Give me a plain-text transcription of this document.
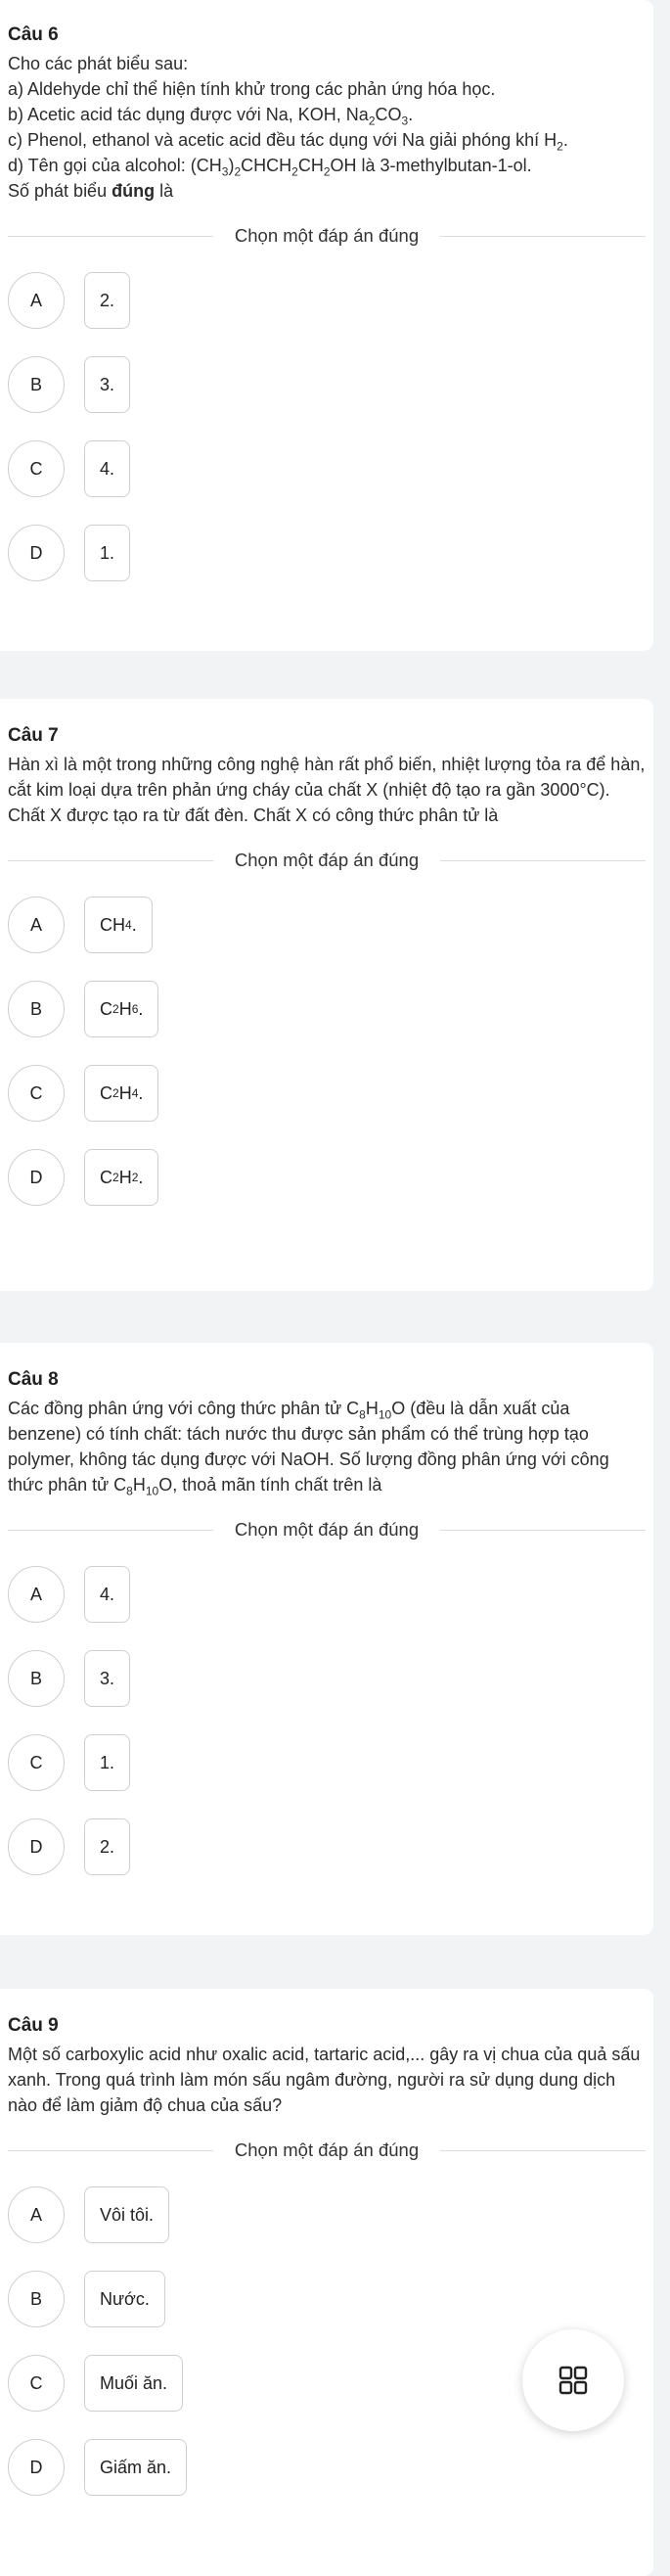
Câu 6
Cho các phát biểu sau:
a) Aldehyde chỉ thể hiện tính khử trong các phản ứng hóa học.
b) Acetic acid tác dụng được với Na, KOH, $Na_2CO_3$.
c) Phenol, ethanol và acetic acid đều tác dụng với Na giải phóng khí $H_2$.
d) Tên gọi của alcohol: $(CH_3)_2CHCH_2CH_2OH$ là 3-methylbutan-1-ol.
Số phát biểu đúng là
Chọn một đáp án đúng
A	2.
B	3.
C	4.
D	1.
Câu 7
Hàn xì là một trong những công nghệ hàn rất phổ biến, nhiệt lượng tỏa ra để hàn, cắt kim loại dựa trên phản ứng cháy của chất X (nhiệt độ tạo ra gần 3000°C). Chất X được tạo ra từ đất đèn. Chất X có công thức phân tử là
Chọn một đáp án đúng
A	CH 4 .
B	C 2 H 6 .
C	C 2 H 4 .
D	C 2 H 2 .
Câu 8
Các đồng phân ứng với công thức phân tử $C_8H_{10}O$ (đều là dẫn xuất của benzene) có tính chất: tách nước thu được sản phẩm có thể trùng hợp tạo polymer, không tác dụng được với NaOH. Số lượng đồng phân ứng với công thức phân tử $C_8H_{10}O$, thoả mãn tính chất trên là
Chọn một đáp án đúng
A	4.
B	3.
C	1.
D	2.
Câu 9
Một số carboxylic acid như oxalic acid, tartaric acid,... gây ra vị chua của quả sấu xanh. Trong quá trình làm món sấu ngâm đường, người ra sử dụng dung dịch nào để làm giảm độ chua của sấu?
Chọn một đáp án đúng
A	Vôi tôi.
B	Nước.
C	Muối ăn.
D	Giấm ăn.
